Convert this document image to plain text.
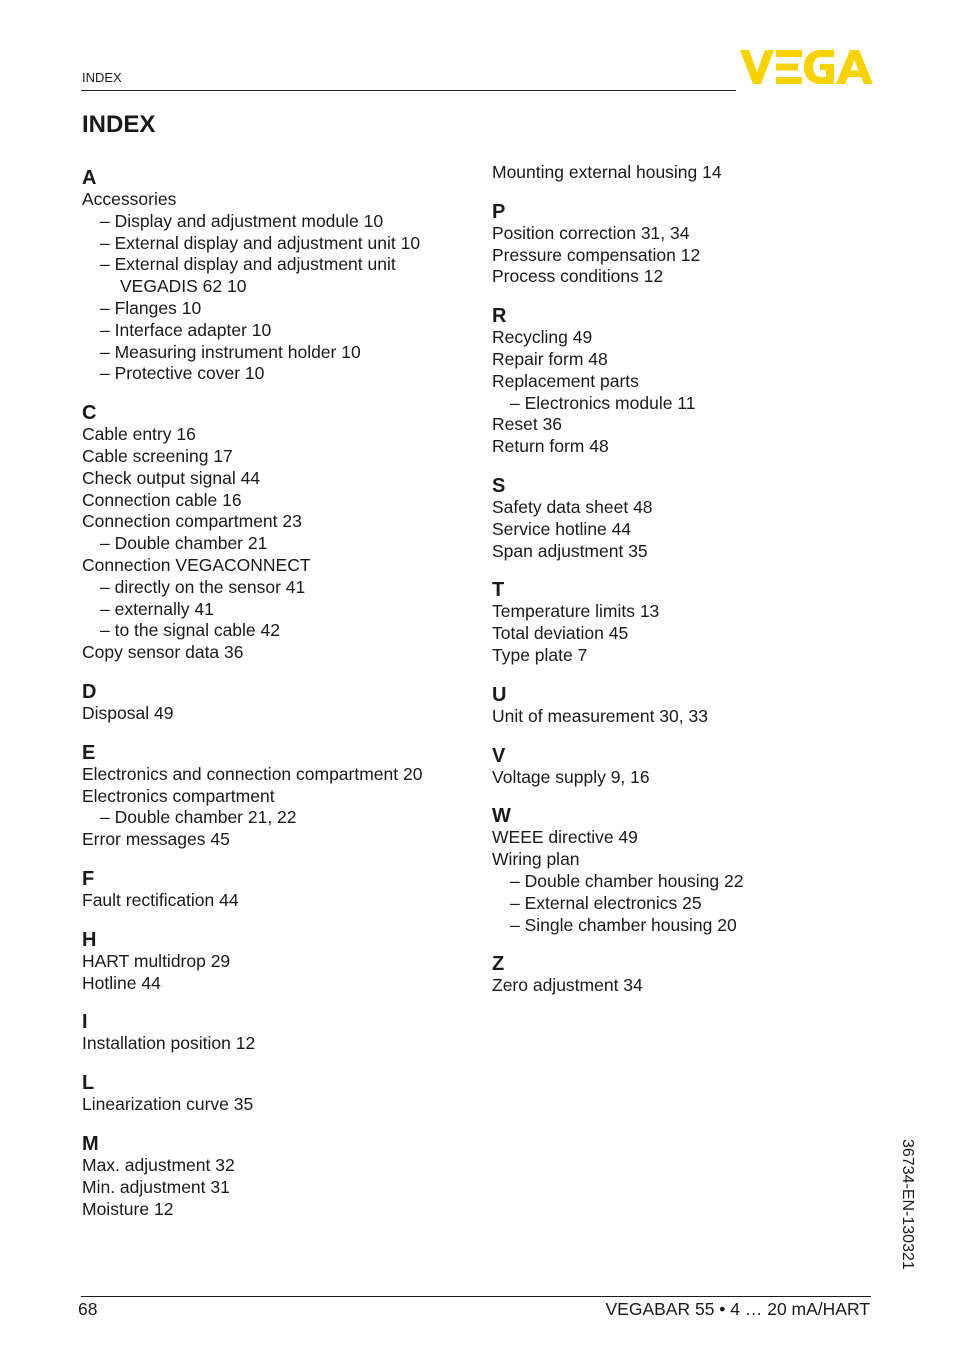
INDEX
INDEX
A
Accessories
– Display and adjustment module 10
– External display and adjustment unit 10
– External display and adjustment unit
VEGADIS 62 10
– Flanges 10
– Interface adapter 10
– Measuring instrument holder 10
– Protective cover 10
C
Cable entry 16
Cable screening 17
Check output signal 44
Connection cable 16
Connection compartment 23
– Double chamber 21
Connection VEGACONNECT
– directly on the sensor 41
– externally 41
– to the signal cable 42
Copy sensor data 36
D
Disposal 49
E
Electronics and connection compartment 20
Electronics compartment
– Double chamber 21, 22
Error messages 45
F
Fault rectification 44
H
HART multidrop 29
Hotline 44
I
Installation position 12
L
Linearization curve 35
M
Max. adjustment 32
Min. adjustment 31
Moisture 12
Mounting external housing 14
P
Position correction 31, 34
Pressure compensation 12
Process conditions 12
R
Recycling 49
Repair form 48
Replacement parts
– Electronics module 11
Reset 36
Return form 48
S
Safety data sheet 48
Service hotline 44
Span adjustment 35
T
Temperature limits 13
Total deviation 45
Type plate 7
U
Unit of measurement 30, 33
V
Voltage supply 9, 16
W
WEEE directive 49
Wiring plan
– Double chamber housing 22
– External electronics 25
– Single chamber housing 20
Z
Zero adjustment 34
68	VEGABAR 55 • 4 … 20 mA/HART
36734-EN-130321
